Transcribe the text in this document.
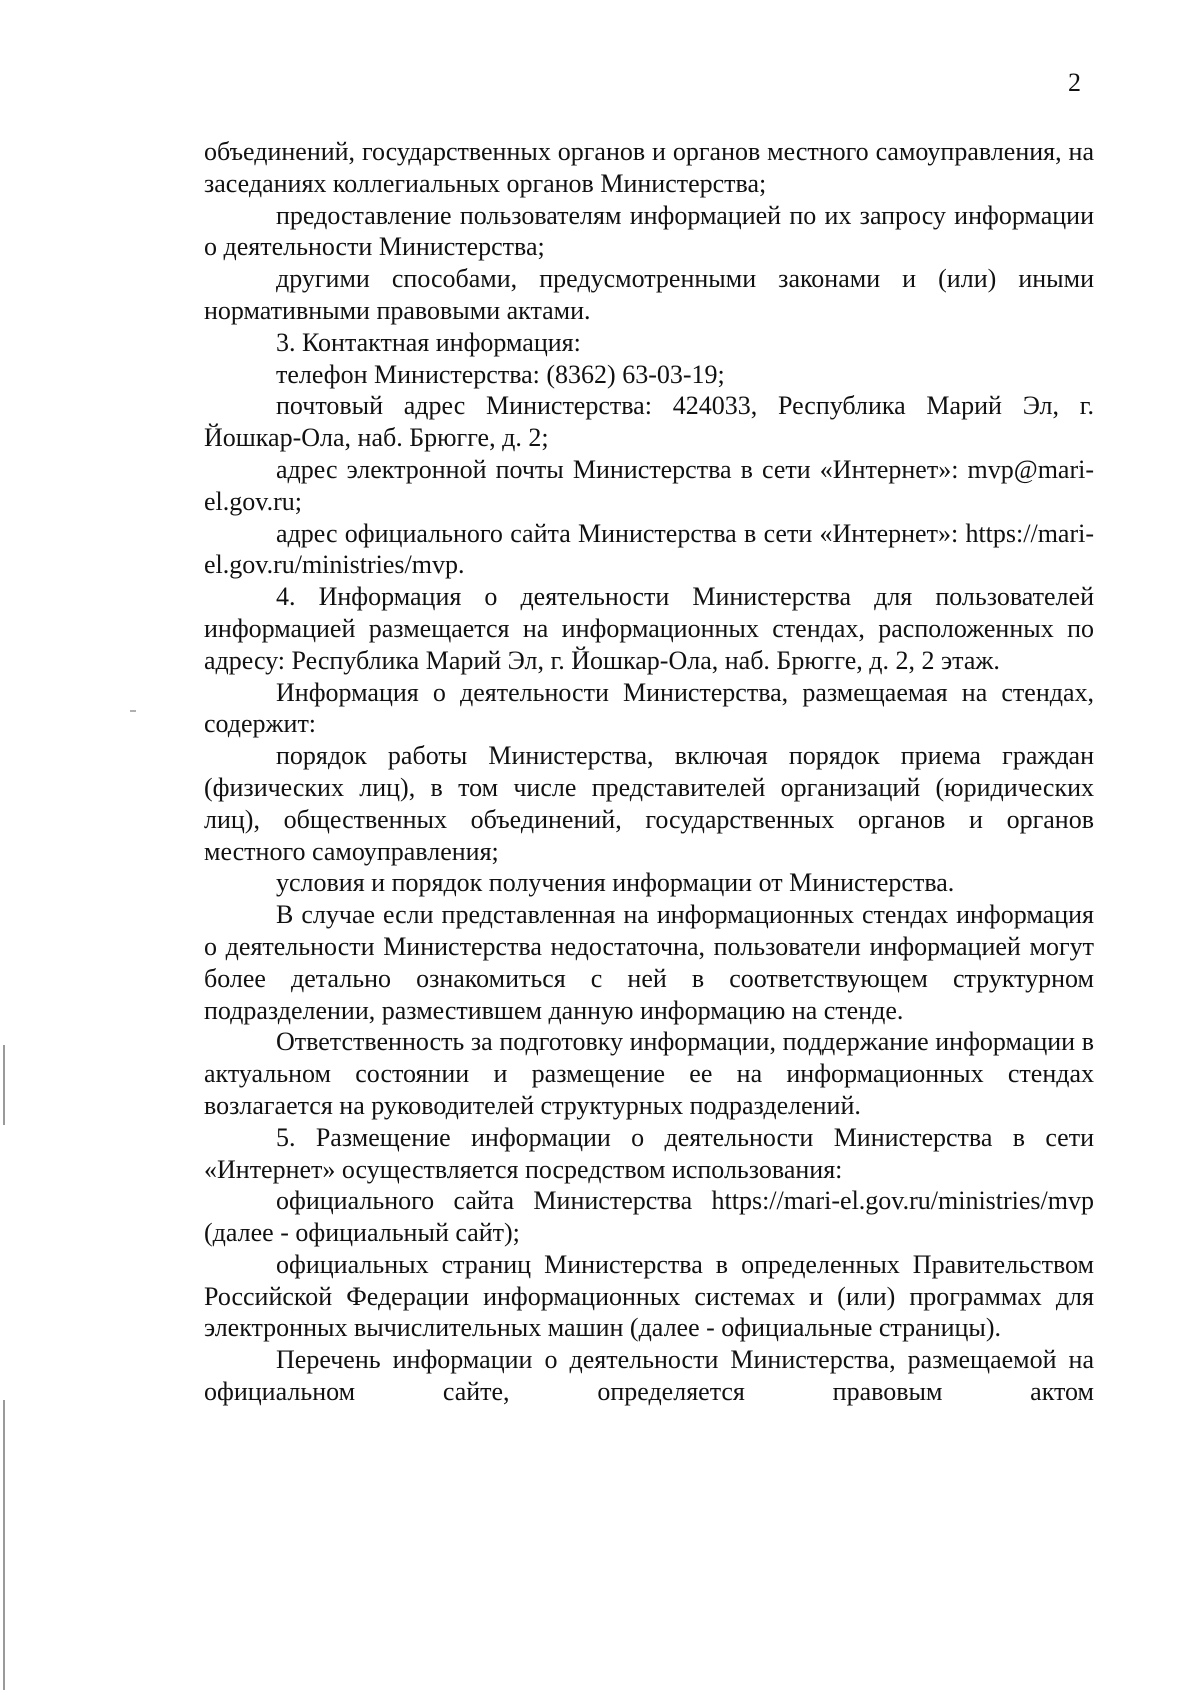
2

объединений, государственных органов и органов местного самоуправления, на заседаниях коллегиальных органов Министерства;

предоставление пользователям информацией по их запросу информации о деятельности Министерства;

другими способами, предусмотренными законами и (или) иными нормативными правовыми актами.

3. Контактная информация:

телефон Министерства: (8362) 63-03-19;

почтовый адрес Министерства: 424033, Республика Марий Эл, г. Йошкар-Ола, наб. Брюгге, д. 2;

адрес электронной почты Министерства в сети «Интернет»: mvp@mari-el.gov.ru;

адрес официального сайта Министерства в сети «Интернет»: https://mari-el.gov.ru/ministries/mvp.

4. Информация о деятельности Министерства для пользователей информацией размещается на информационных стендах, расположенных по адресу: Республика Марий Эл, г. Йошкар-Ола, наб. Брюгге, д. 2, 2 этаж.

Информация о деятельности Министерства, размещаемая на стендах, содержит:

порядок работы Министерства, включая порядок приема граждан (физических лиц), в том числе представителей организаций (юридических лиц), общественных объединений, государственных органов и органов местного самоуправления;

условия и порядок получения информации от Министерства.

В случае если представленная на информационных стендах информация о деятельности Министерства недостаточна, пользователи информацией могут более детально ознакомиться с ней в соответствующем структурном подразделении, разместившем данную информацию на стенде.

Ответственность за подготовку информации, поддержание информации в актуальном состоянии и размещение ее на информационных стендах возлагается на руководителей структурных подразделений.

5. Размещение информации о деятельности Министерства в сети «Интернет» осуществляется посредством использования:

официального сайта Министерства https://mari-el.gov.ru/ministries/mvp (далее - официальный сайт);

официальных страниц Министерства в определенных Правительством Российской Федерации информационных системах и (или) программах для электронных вычислительных машин (далее - официальные страницы).

Перечень информации о деятельности Министерства, размещаемой на официальном сайте, определяется правовым актом
